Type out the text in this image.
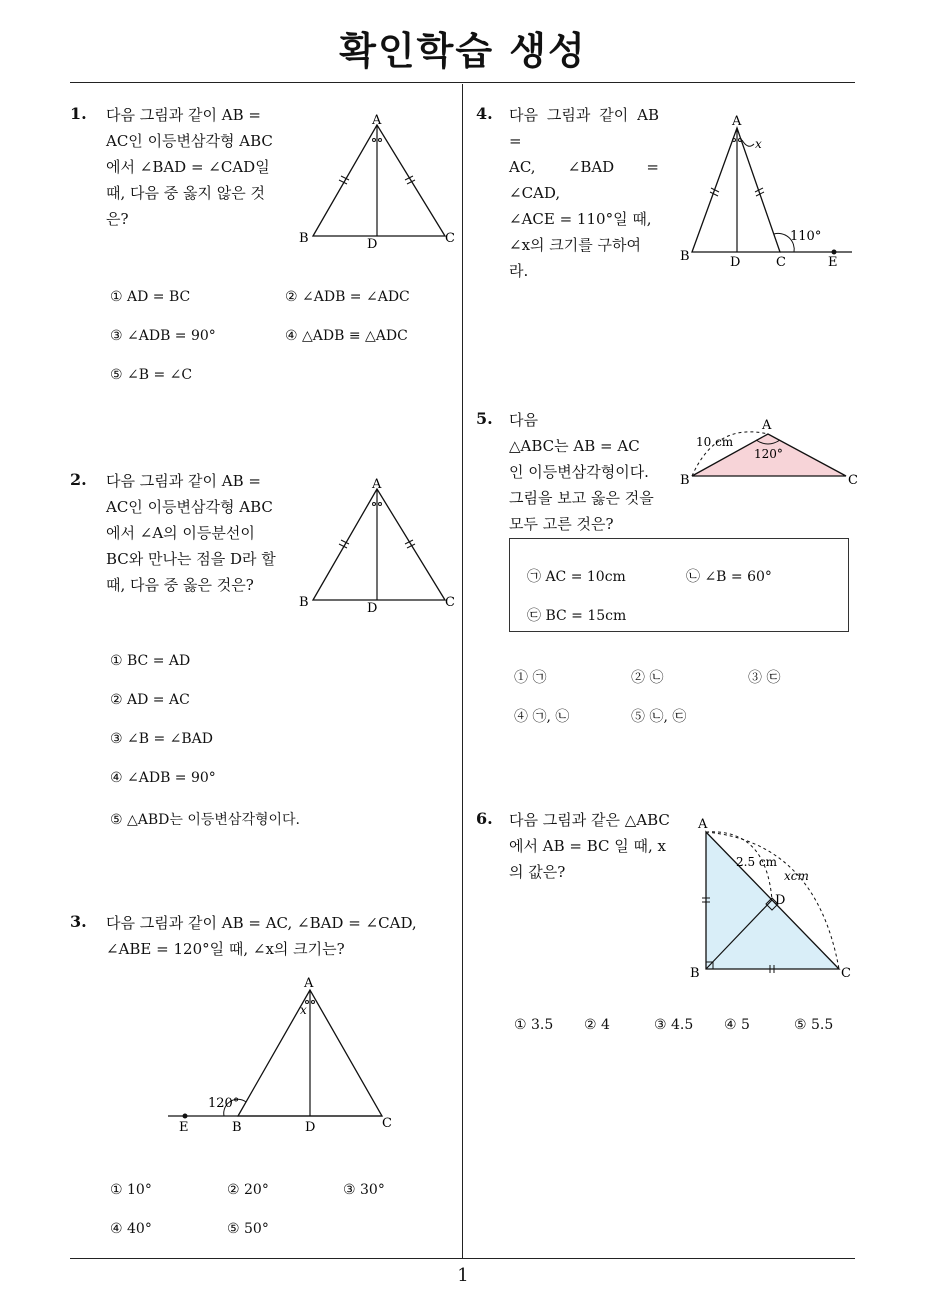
확인학습 생성
1. 다음 그림과 같이 AB =
AC인 이등변삼각형 ABC
에서 ∠BAD = ∠CAD일
때, 다음 중 옳지 않은 것
은?
A
B	C
D
① AD = BC	② ∠ADB = ∠ADC
③ ∠ADB = 90°	④ △ADB ≡ △ADC
⑤ ∠B = ∠C
2. 다음 그림과 같이 AB =
AC인 이등변삼각형 ABC
에서 ∠A의 이등분선이
BC와 만나는 점을 D라 할
때, 다음 중 옳은 것은?
A
B	C
D
① BC = AD
② AD = AC
③ ∠B = ∠BAD
④ ∠ADB = 90°
⑤ △ABD는 이등변삼각형이다.
3. 다음 그림과 같이 AB = AC, ∠BAD = ∠CAD,
∠ABE = 120°일 때, ∠x의 크기는?
A
x
120°
E	B	D	C
① 10°	② 20°	③ 30°
④ 40°	⑤ 50°
4. 다음 그림과 같이 AB =
AC, ∠BAD = ∠CAD,
∠ACE = 110°일 때,
∠x의 크기를 구하여
라.
A
x
110°
B	D	C	E
5. 다음
△ABC는 AB = AC
인 이등변삼각형이다.
그림을 보고 옳은 것을
모두 고른 것은?
A
B	C
10 cm
120°
㉠ AC = 10cm	㉡ ∠B = 60°
㉢ BC = 15cm
① ㉠	② ㉡	③ ㉢
④ ㉠, ㉡	⑤ ㉡, ㉢
6. 다음 그림과 같은 △ABC
에서 AB = BC 일 때, x
의 값은?
A
B	C
D
2.5 cm
xcm
① 3.5 ② 4	③ 4.5 ④ 5	⑤ 5.5
1
